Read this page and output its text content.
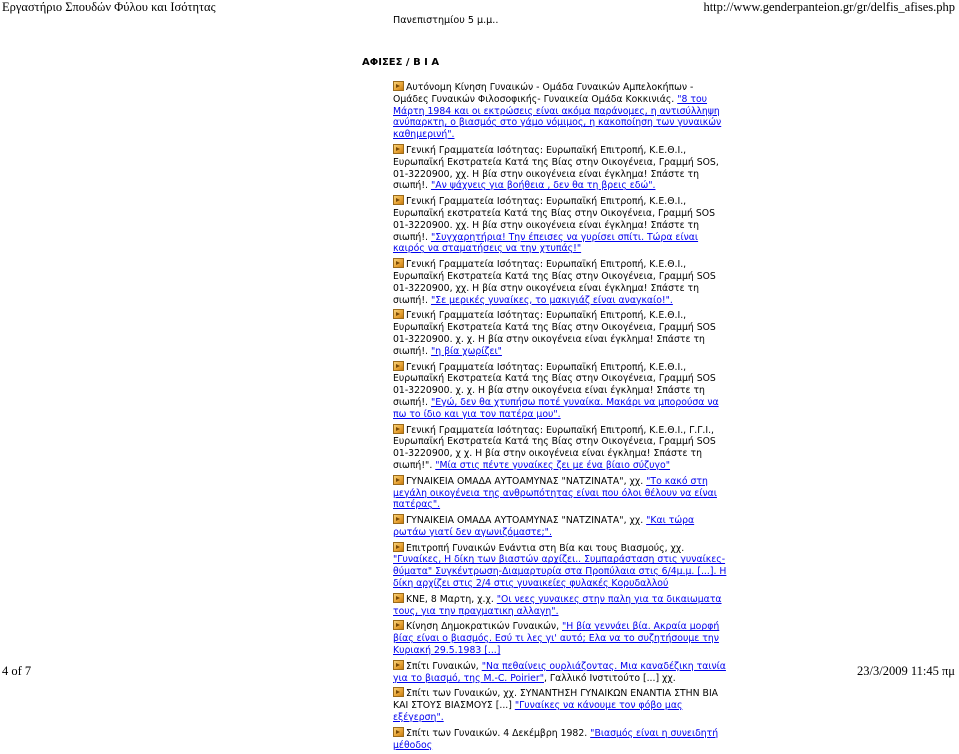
Εργαστήριο Σπουδών Φύλου και Ισότητας	http://www.genderpanteion.gr/gr/delfis_afises.php
Πανεπιστημίου 5 μ.μ..
ΑΦΙΣΕΣ / Β Ι Α
Αυτόνομη Κίνηση Γυναικών - Ομάδα Γυναικών Αμπελοκήπων - Ομάδες Γυναικών Φιλοσοφικής- Γυναικεία Ομάδα Κοκκινιάς. "8 του Μάρτη 1984 και οι εκτρώσεις είναι ακόμα παράνομες, η αντισύλληψη ανύπαρκτη, ο βιασμός στο γάμο νόμιμος, η κακοποίηση των γυναικών καθημερινή".
Γενική Γραμματεία Ισότητας: Ευρωπαϊκή Επιτροπή, Κ.Ε.Θ.Ι., Ευρωπαϊκή Εκστρατεία Κατά της Βίας στην Οικογένεια, Γραμμή SOS, 01-3220900, χχ. Η βία στην οικογένεια είναι έγκλημα! Σπάστε τη σιωπή!. "Αν ψάχνεις για βοήθεια , δεν θα τη βρεις εδώ".
Γενική Γραμματεία Ισότητας: Ευρωπαϊκή Επιτροπή, Κ.Ε.Θ.Ι., Ευρωπαϊκή εκστρατεία Κατά της Βίας στην Οικογένεια, Γραμμή SOS 01-3220900. χχ. Η βία στην οικογένεια είναι έγκλημα! Σπάστε τη σιωπή!. "Συγχαρητήρια! Την έπεισες να γυρίσει σπίτι. Τώρα είναι καιρός να σταματήσεις να την χτυπάς!"
Γενική Γραμματεία Ισότητας: Ευρωπαϊκή Επιτροπή, Κ.Ε.Θ.Ι., Ευρωπαϊκή Εκστρατεία Κατά της Βίας στην Οικογένεια, Γραμμή SOS 01-3220900, χχ. Η βία στην οικογένεια είναι έγκλημα! Σπάστε τη σιωπή!. "Σε μερικές γυναίκες, το μακιγιάζ είναι αναγκαίο!".
Γενική Γραμματεία Ισότητας: Ευρωπαϊκή Επιτροπή, Κ.Ε.Θ.Ι., Ευρωπαϊκή Εκστρατεία Κατά της Βίας στην Οικογένεια, Γραμμή SOS 01-3220900. χ. χ. Η βία στην οικογένεια είναι έγκλημα! Σπάστε τη σιωπή!. "η βία χωρίζει"
Γενική Γραμματεία Ισότητας: Ευρωπαϊκή Επιτροπή, Κ.Ε.Θ.Ι., Ευρωπαϊκή Εκστρατεία Κατά της Βίας στην Οικογένεια, Γραμμή SOS 01-3220900. χ. χ. Η βία στην οικογένεια είναι έγκλημα! Σπάστε τη σιωπή!. "Εγώ, δεν θα χτυπήσω ποτέ γυναίκα. Μακάρι να μπορούσα να πω το ίδιο και για τον πατέρα μου".
Γενική Γραμματεία Ισότητας: Ευρωπαϊκή Επιτροπή, Κ.Ε.Θ.Ι., Γ.Γ.Ι., Ευρωπαϊκή Εκστρατεία Κατά της Βίας στην Οικογένεια, Γραμμή SOS 01-3220900, χ χ. Η βία στην οικογένεια είναι έγκλημα! Σπάστε τη σιωπή!". "Μία στις πέντε γυναίκες ζει με ένα βίαιο σύζυγο"
ΓΥΝΑΙΚΕΙΑ ΟΜΑΔΑ ΑΥΤΟΑΜΥΝΑΣ "ΝΑΤΖΙΝΑΤΑ", χχ. "Το κακό στη μεγάλη οικογένεια της ανθρωπότητας είναι που όλοι θέλουν να είναι πατέρας".
ΓΥΝΑΙΚΕΙΑ ΟΜΑΔΑ ΑΥΤΟΑΜΥΝΑΣ "ΝΑΤΖΙΝΑΤΑ", χχ. "Και τώρα ρωτάω γιατί δεν αγωνιζόμαστε;".
Επιτροπή Γυναικών Ενάντια στη Βία και τους Βιασμούς, χχ. "Γυναίκες, Η δίκη των βιαστών αρχίζει.. Συμπαράσταση στις γυναίκες-θύματα" Συγκέντρωση-Διαμαρτυρία στα Προπύλαια στις 6/4μ.μ. [...]. Η δίκη αρχίζει στις 2/4 στις γυναικείες φυλακές Κορυδαλλού
ΚΝΕ, 8 Μαρτη, χ.χ. "Οι νεες γυναικες στην παλη για τα δικαιωματα τους, για την πραγματικη αλλαγη".
Κίνηση Δημοκρατικών Γυναικών, "Η βία γεννάει βία. Ακραία μορφή βίας είναι ο βιασμός. Εσύ τι λες γι' αυτό; Ελα να το συζητήσουμε την Κυριακή 29.5.1983 [...]
Σπίτι Γυναικών, "Να πεθαίνεις ουρλιάζοντας. Μια καναδέζικη ταινία για το βιασμό, της M.-C. Poirier", Γαλλικό Ινστιτούτο [...] χχ.
Σπίτι των Γυναικών, χχ. ΣΥΝΑΝΤΗΣΗ ΓΥΝΑΙΚΩΝ ΕΝΑΝΤΙΑ ΣΤΗΝ ΒΙΑ ΚΑΙ ΣΤΟΥΣ ΒΙΑΣΜΟΥΣ [...] "Γυναίκες να κάνουμε τον φόβο μας εξέγερση".
Σπίτι των Γυναικών. 4 Δεκέμβρη 1982. "Βιασμός είναι η συνειδητή μέθοδος
4 of 7	23/3/2009 11:45 πμ
